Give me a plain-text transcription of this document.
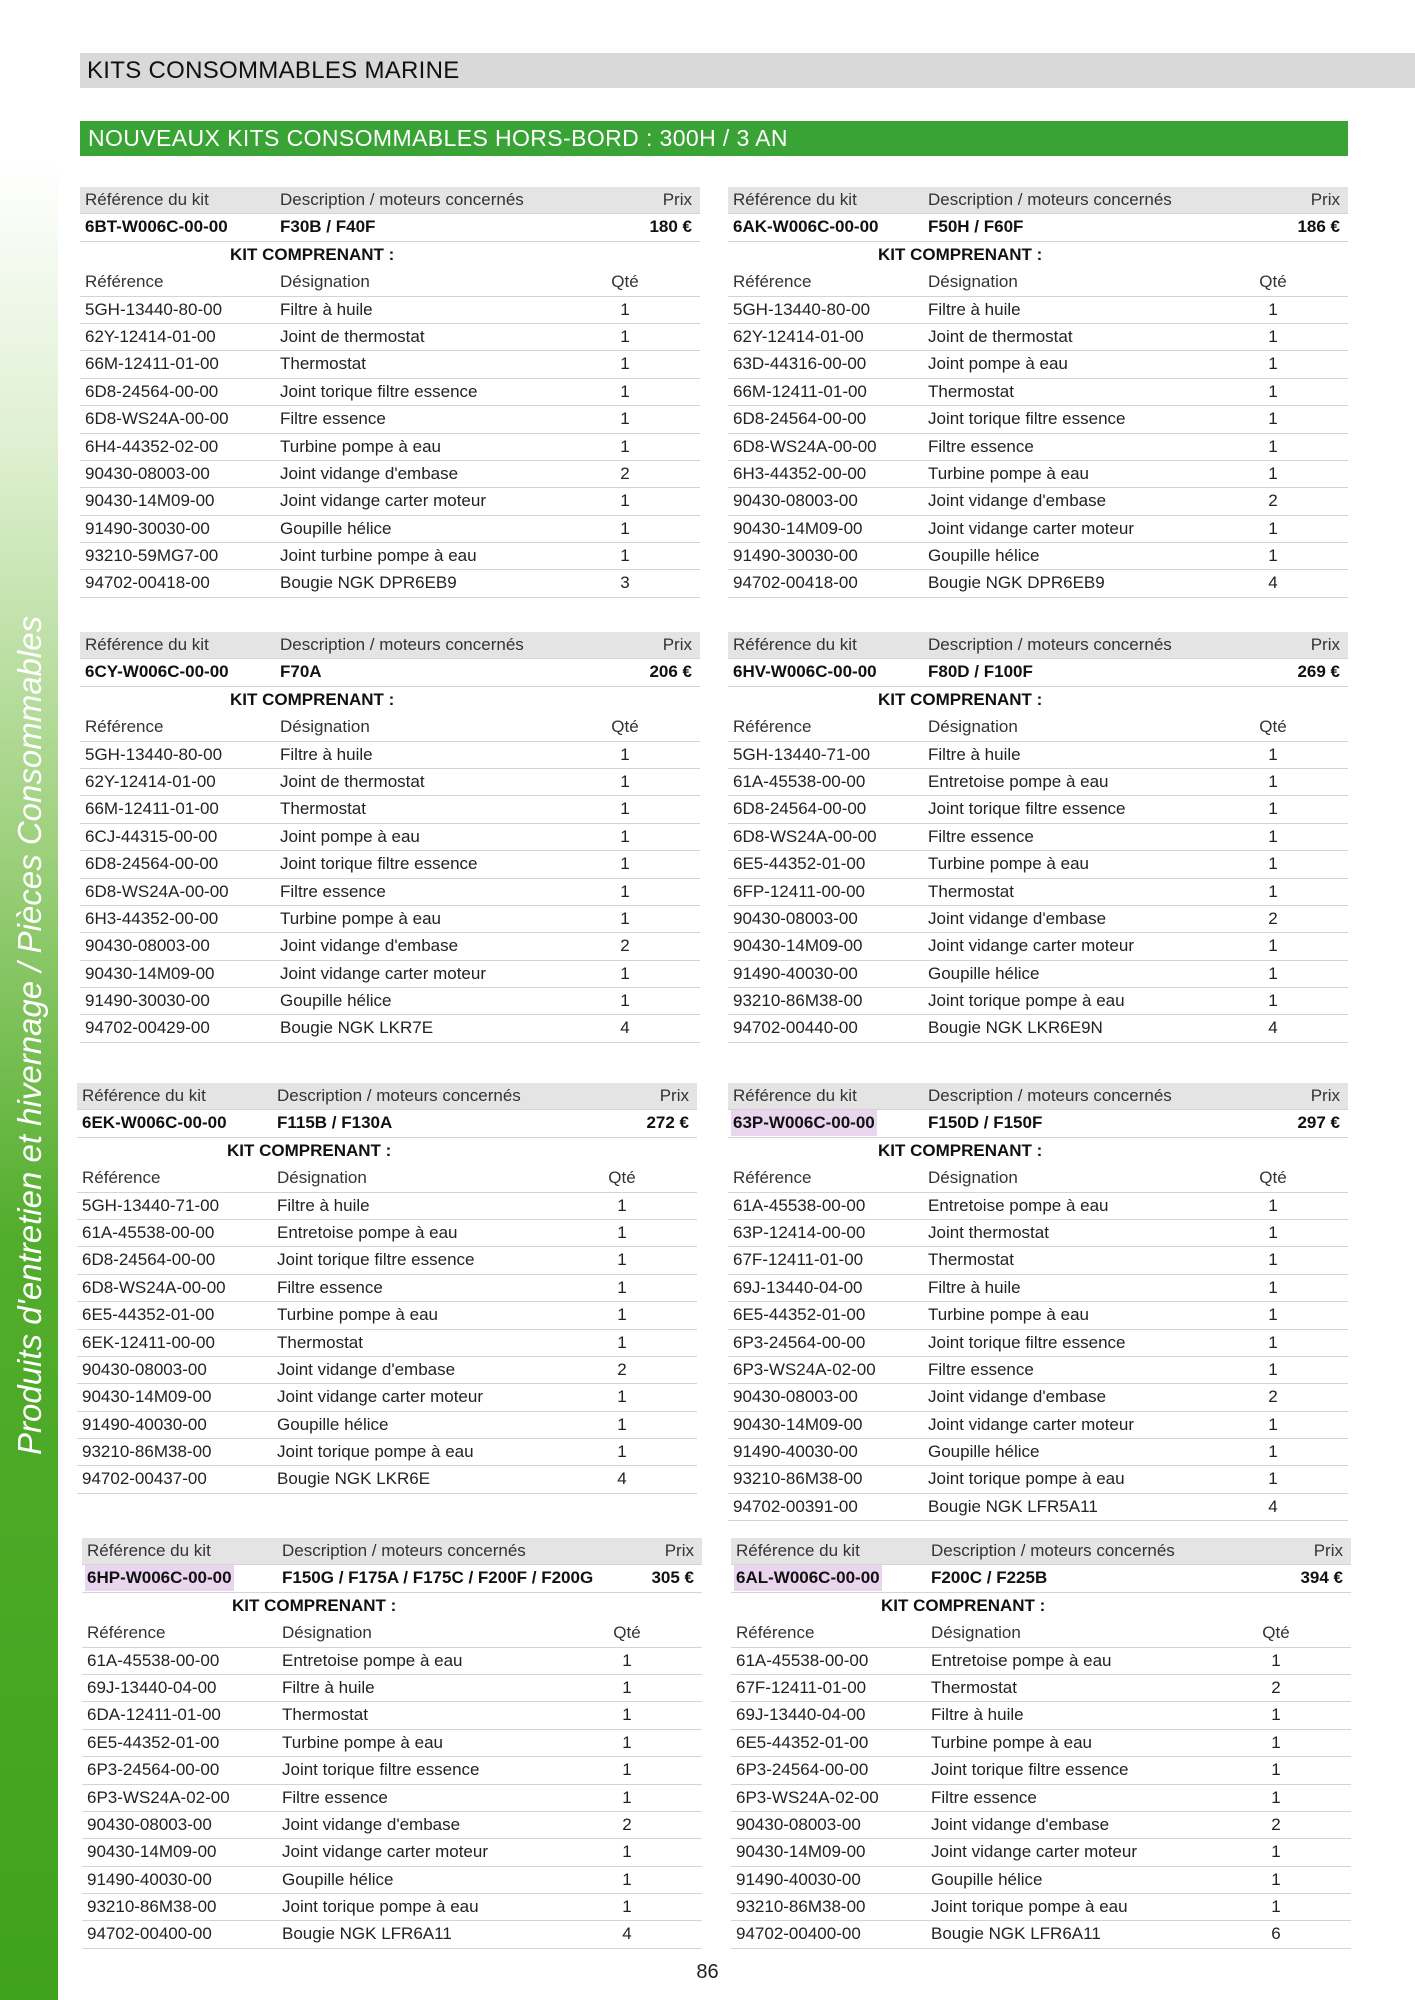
Produits d'entretien et hivernage / Pièces Consommables
KITS CONSOMMABLES MARINE
NOUVEAUX KITS CONSOMMABLES HORS-BORD : 300H / 3 AN
Référence du kit	Description / moteurs concernés	Prix
6BT-W006C-00-00	F30B / F40F	180 €
KIT COMPRENANT :
Référence	Désignation	Qté
5GH-13440-80-00	Filtre à huile	1
62Y-12414-01-00	Joint de thermostat	1
66M-12411-01-00	Thermostat	1
6D8-24564-00-00	Joint torique filtre essence	1
6D8-WS24A-00-00	Filtre essence	1
6H4-44352-02-00	Turbine pompe à eau	1
90430-08003-00	Joint vidange d'embase	2
90430-14M09-00	Joint vidange carter moteur	1
91490-30030-00	Goupille hélice	1
93210-59MG7-00	Joint turbine pompe à eau	1
94702-00418-00	Bougie NGK DPR6EB9	3
Référence du kit	Description / moteurs concernés	Prix
6AK-W006C-00-00	F50H / F60F	186 €
KIT COMPRENANT :
Référence	Désignation	Qté
5GH-13440-80-00	Filtre à huile	1
62Y-12414-01-00	Joint de thermostat	1
63D-44316-00-00	Joint pompe à eau	1
66M-12411-01-00	Thermostat	1
6D8-24564-00-00	Joint torique filtre essence	1
6D8-WS24A-00-00	Filtre essence	1
6H3-44352-00-00	Turbine pompe à eau	1
90430-08003-00	Joint vidange d'embase	2
90430-14M09-00	Joint vidange carter moteur	1
91490-30030-00	Goupille hélice	1
94702-00418-00	Bougie NGK DPR6EB9	4
Référence du kit	Description / moteurs concernés	Prix
6CY-W006C-00-00	F70A	206 €
KIT COMPRENANT :
Référence	Désignation	Qté
5GH-13440-80-00	Filtre à huile	1
62Y-12414-01-00	Joint de thermostat	1
66M-12411-01-00	Thermostat	1
6CJ-44315-00-00	Joint pompe à eau	1
6D8-24564-00-00	Joint torique filtre essence	1
6D8-WS24A-00-00	Filtre essence	1
6H3-44352-00-00	Turbine pompe à eau	1
90430-08003-00	Joint vidange d'embase	2
90430-14M09-00	Joint vidange carter moteur	1
91490-30030-00	Goupille hélice	1
94702-00429-00	Bougie NGK LKR7E	4
Référence du kit	Description / moteurs concernés	Prix
6HV-W006C-00-00	F80D / F100F	269 €
KIT COMPRENANT :
Référence	Désignation	Qté
5GH-13440-71-00	Filtre à huile	1
61A-45538-00-00	Entretoise pompe à eau	1
6D8-24564-00-00	Joint torique filtre essence	1
6D8-WS24A-00-00	Filtre essence	1
6E5-44352-01-00	Turbine pompe à eau	1
6FP-12411-00-00	Thermostat	1
90430-08003-00	Joint vidange d'embase	2
90430-14M09-00	Joint vidange carter moteur	1
91490-40030-00	Goupille hélice	1
93210-86M38-00	Joint torique pompe à eau	1
94702-00440-00	Bougie NGK LKR6E9N	4
Référence du kit	Description / moteurs concernés	Prix
6EK-W006C-00-00	F115B / F130A	272 €
KIT COMPRENANT :
Référence	Désignation	Qté
5GH-13440-71-00	Filtre à huile	1
61A-45538-00-00	Entretoise pompe à eau	1
6D8-24564-00-00	Joint torique filtre essence	1
6D8-WS24A-00-00	Filtre essence	1
6E5-44352-01-00	Turbine pompe à eau	1
6EK-12411-00-00	Thermostat	1
90430-08003-00	Joint vidange d'embase	2
90430-14M09-00	Joint vidange carter moteur	1
91490-40030-00	Goupille hélice	1
93210-86M38-00	Joint torique pompe à eau	1
94702-00437-00	Bougie NGK LKR6E	4
Référence du kit	Description / moteurs concernés	Prix
63P-W006C-00-00	F150D / F150F	297 €
KIT COMPRENANT :
Référence	Désignation	Qté
61A-45538-00-00	Entretoise pompe à eau	1
63P-12414-00-00	Joint thermostat	1
67F-12411-01-00	Thermostat	1
69J-13440-04-00	Filtre à huile	1
6E5-44352-01-00	Turbine pompe à eau	1
6P3-24564-00-00	Joint torique filtre essence	1
6P3-WS24A-02-00	Filtre essence	1
90430-08003-00	Joint vidange d'embase	2
90430-14M09-00	Joint vidange carter moteur	1
91490-40030-00	Goupille hélice	1
93210-86M38-00	Joint torique pompe à eau	1
94702-00391-00	Bougie NGK LFR5A11	4
Référence du kit	Description / moteurs concernés	Prix
6HP-W006C-00-00	F150G / F175A / F175C / F200F / F200G	305 €
KIT COMPRENANT :
Référence	Désignation	Qté
61A-45538-00-00	Entretoise pompe à eau	1
69J-13440-04-00	Filtre à huile	1
6DA-12411-01-00	Thermostat	1
6E5-44352-01-00	Turbine pompe à eau	1
6P3-24564-00-00	Joint torique filtre essence	1
6P3-WS24A-02-00	Filtre essence	1
90430-08003-00	Joint vidange d'embase	2
90430-14M09-00	Joint vidange carter moteur	1
91490-40030-00	Goupille hélice	1
93210-86M38-00	Joint torique pompe à eau	1
94702-00400-00	Bougie NGK LFR6A11	4
Référence du kit	Description / moteurs concernés	Prix
6AL-W006C-00-00	F200C / F225B	394 €
KIT COMPRENANT :
Référence	Désignation	Qté
61A-45538-00-00	Entretoise pompe à eau	1
67F-12411-01-00	Thermostat	2
69J-13440-04-00	Filtre à huile	1
6E5-44352-01-00	Turbine pompe à eau	1
6P3-24564-00-00	Joint torique filtre essence	1
6P3-WS24A-02-00	Filtre essence	1
90430-08003-00	Joint vidange d'embase	2
90430-14M09-00	Joint vidange carter moteur	1
91490-40030-00	Goupille hélice	1
93210-86M38-00	Joint torique pompe à eau	1
94702-00400-00	Bougie NGK LFR6A11	6
86
